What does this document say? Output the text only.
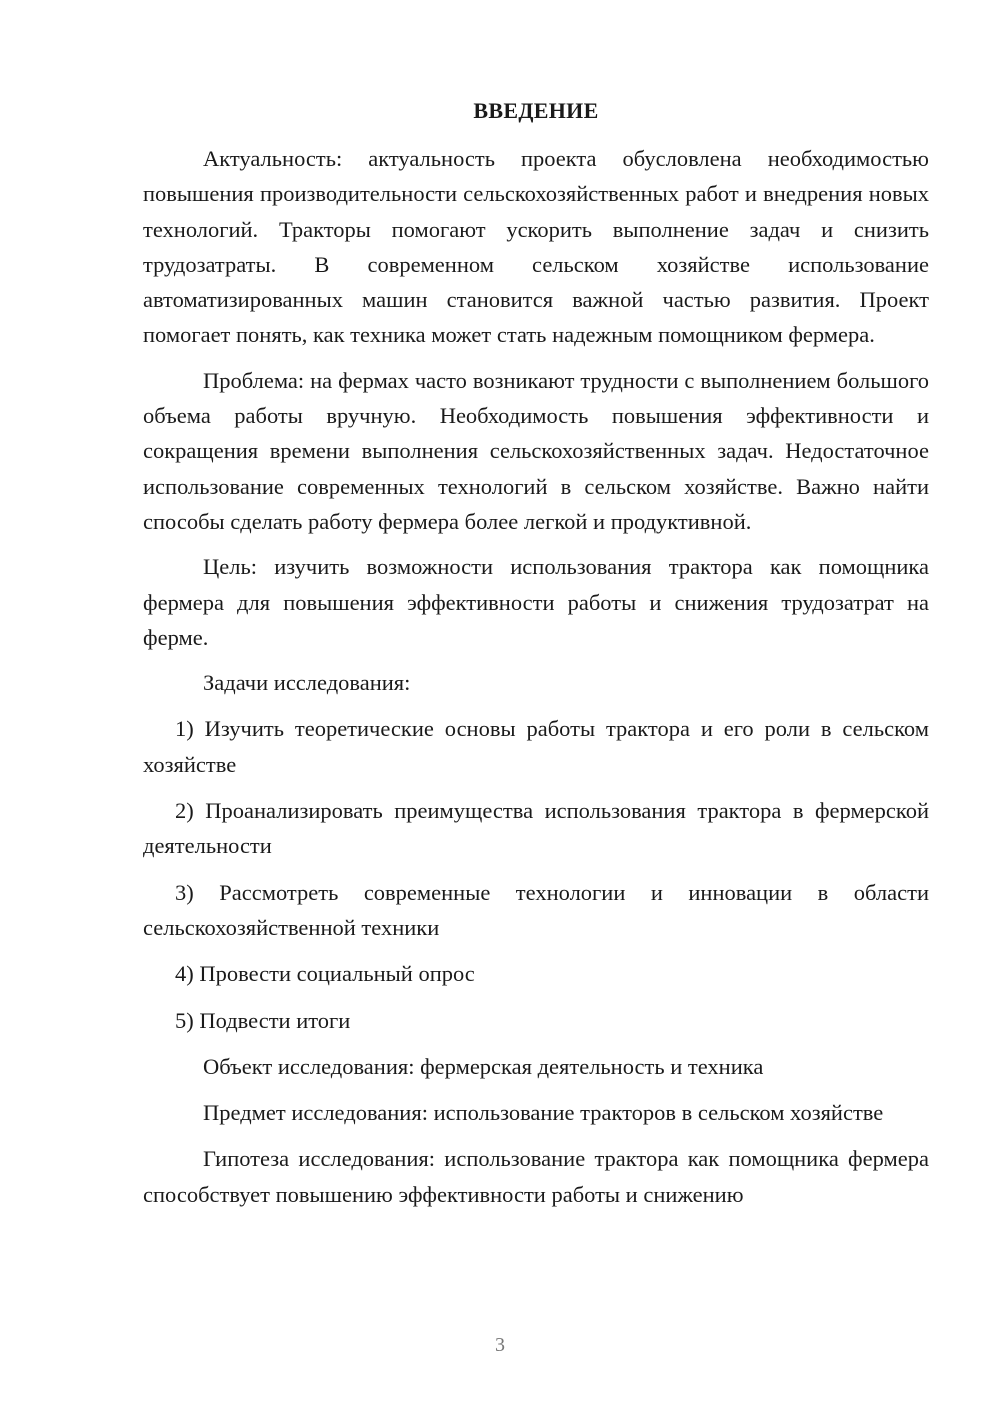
ВВЕДЕНИЕ

Актуальность: актуальность проекта обусловлена необходимостью повышения производительности сельскохозяйственных работ и внедрения новых технологий. Тракторы помогают ускорить выполнение задач и снизить трудозатраты. В современном сельском хозяйстве использование автоматизированных машин становится важной частью развития. Проект помогает понять, как техника может стать надежным помощником фермера.

Проблема: на фермах часто возникают трудности с выполнением большого объема работы вручную. Необходимость повышения эффективности и сокращения времени выполнения сельскохозяйственных задач. Недостаточное использование современных технологий в сельском хозяйстве. Важно найти способы сделать работу фермера более легкой и продуктивной.

Цель: изучить возможности использования трактора как помощника фермера для повышения эффективности работы и снижения трудозатрат на ферме.

Задачи исследования:

1) Изучить теоретические основы работы трактора и его роли в сельском хозяйстве

2) Проанализировать преимущества использования трактора в фермерской деятельности

3) Рассмотреть современные технологии и инновации в области сельскохозяйственной техники

4) Провести социальный опрос

5) Подвести итоги

Объект исследования: фермерская деятельность и техника

Предмет исследования: использование тракторов в сельском хозяйстве

Гипотеза исследования: использование трактора как помощника фермера способствует повышению эффективности работы и снижению

3
